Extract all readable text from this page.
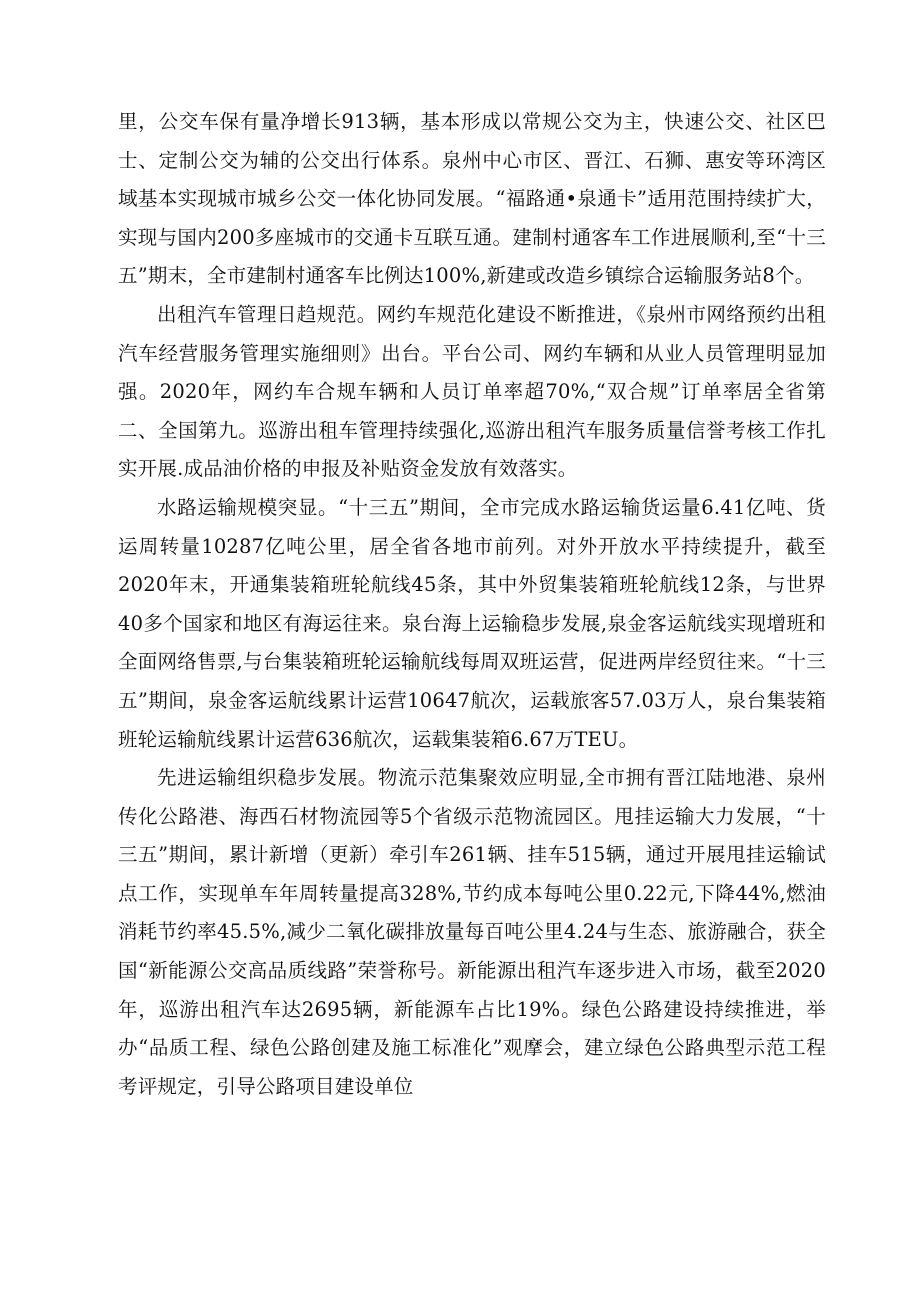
里，公交车保有量净增长913辆，基本形成以常规公交为主，快速公交、社区巴士、定制公交为辅的公交出行体系。泉州中心市区、晋江、石狮、惠安等环湾区域基本实现城市城乡公交一体化协同发展。“福路通•泉通卡”适用范围持续扩大，实现与国内200多座城市的交通卡互联互通。建制村通客车工作进展顺利,至“十三五”期末，全市建制村通客车比例达100%,新建或改造乡镇综合运输服务站8个。

出租汽车管理日趋规范。网约车规范化建设不断推进，《泉州市网络预约出租汽车经营服务管理实施细则》出台。平台公司、网约车辆和从业人员管理明显加强。2020年，网约车合规车辆和人员订单率超70%,“双合规”订单率居全省第二、全国第九。巡游出租车管理持续强化,巡游出租汽车服务质量信誉考核工作扎实开展.成品油价格的申报及补贴资金发放有效落实。

水路运输规模突显。“十三五”期间，全市完成水路运输货运量6.41亿吨、货运周转量10287亿吨公里，居全省各地市前列。对外开放水平持续提升，截至2020年末，开通集装箱班轮航线45条，其中外贸集装箱班轮航线12条，与世界40多个国家和地区有海运往来。泉台海上运输稳步发展,泉金客运航线实现增班和全面网络售票,与台集装箱班轮运输航线每周双班运营，促进两岸经贸往来。“十三五”期间，泉金客运航线累计运营10647航次，运载旅客57.03万人，泉台集装箱班轮运输航线累计运营636航次，运载集装箱6.67万TEU。

先进运输组织稳步发展。物流示范集聚效应明显,全市拥有晋江陆地港、泉州传化公路港、海西石材物流园等5个省级示范物流园区。甩挂运输大力发展，“十三五”期间，累计新增（更新）牵引车261辆、挂车515辆，通过开展甩挂运输试点工作，实现单车年周转量提高328%,节约成本每吨公里0.22元,下降44%,燃油消耗节约率45.5%,减少二氧化碳排放量每百吨公里4.24与生态、旅游融合，获全国“新能源公交高品质线路”荣誉称号。新能源出租汽车逐步进入市场，截至2020年，巡游出租汽车达2695辆，新能源车占比19%。绿色公路建设持续推进，举办“品质工程、绿色公路创建及施工标准化”观摩会，建立绿色公路典型示范工程考评规定，引导公路项目建设单位
